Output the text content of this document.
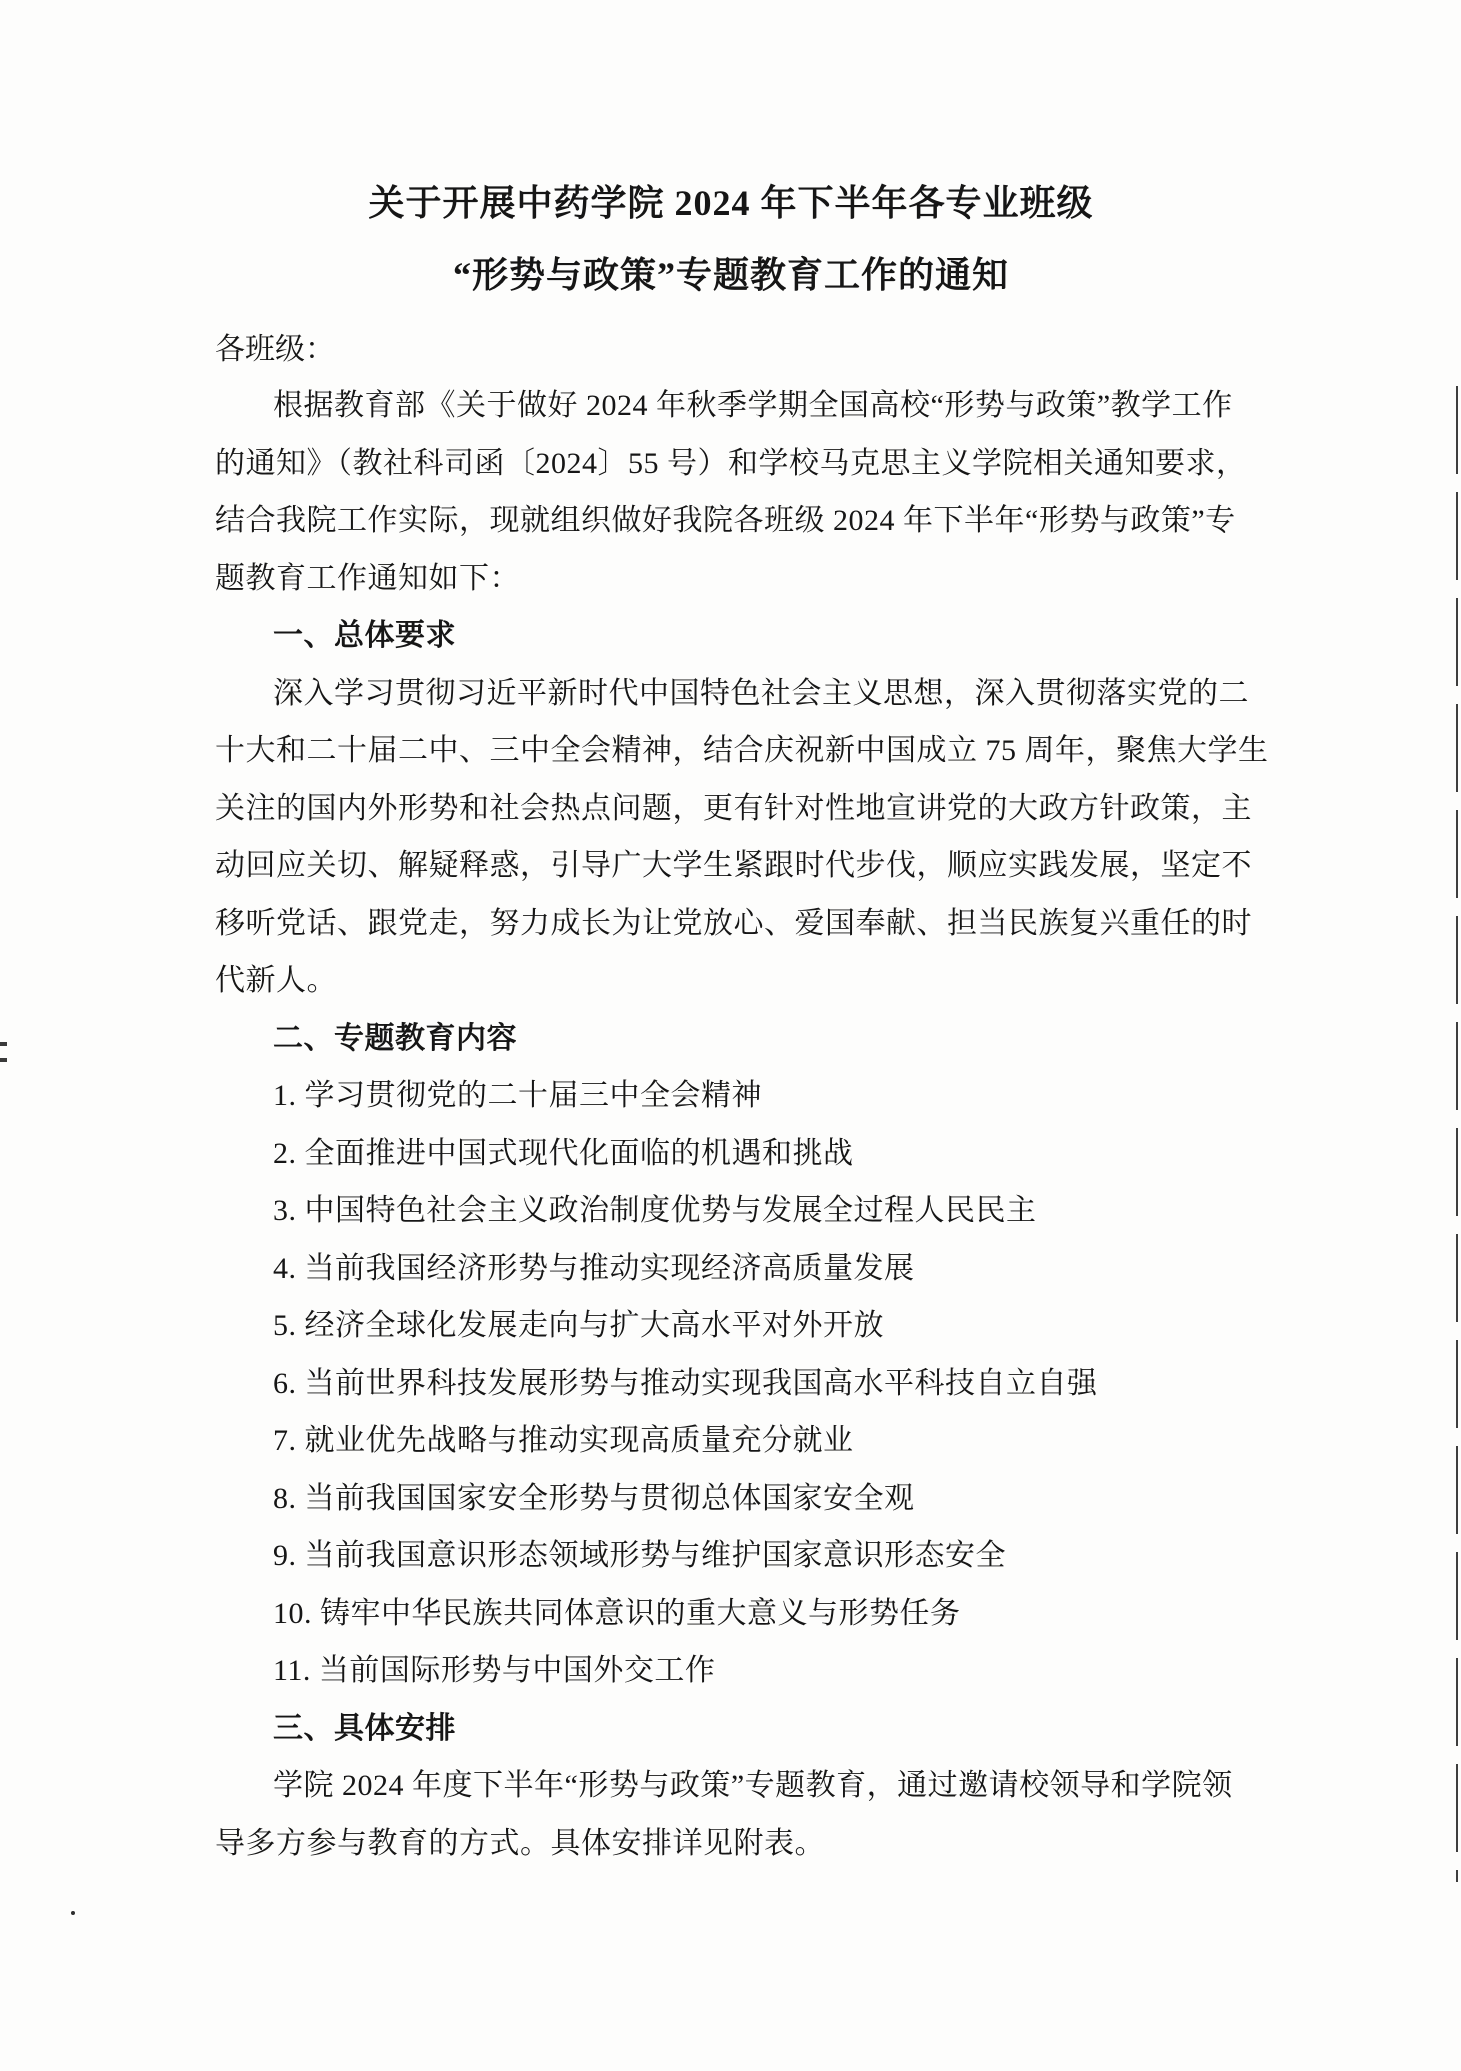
关于开展中药学院 2024 年下半年各专业班级
“形势与政策”专题教育工作的通知
各班级：
根据教育部《关于做好 2024 年秋季学期全国高校“形势与政策”教学工作
的通知》（教社科司函〔2024〕55 号）和学校马克思主义学院相关通知要求，
结合我院工作实际，现就组织做好我院各班级 2024 年下半年“形势与政策”专
题教育工作通知如下：
一、总体要求
深入学习贯彻习近平新时代中国特色社会主义思想，深入贯彻落实党的二
十大和二十届二中、三中全会精神，结合庆祝新中国成立 75 周年，聚焦大学生
关注的国内外形势和社会热点问题，更有针对性地宣讲党的大政方针政策，主
动回应关切、解疑释惑，引导广大学生紧跟时代步伐，顺应实践发展，坚定不
移听党话、跟党走，努力成长为让党放心、爱国奉献、担当民族复兴重任的时
代新人。
二、专题教育内容
1. 学习贯彻党的二十届三中全会精神
2. 全面推进中国式现代化面临的机遇和挑战
3. 中国特色社会主义政治制度优势与发展全过程人民民主
4. 当前我国经济形势与推动实现经济高质量发展
5. 经济全球化发展走向与扩大高水平对外开放
6. 当前世界科技发展形势与推动实现我国高水平科技自立自强
7. 就业优先战略与推动实现高质量充分就业
8. 当前我国国家安全形势与贯彻总体国家安全观
9. 当前我国意识形态领域形势与维护国家意识形态安全
10. 铸牢中华民族共同体意识的重大意义与形势任务
11. 当前国际形势与中国外交工作
三、具体安排
学院 2024 年度下半年“形势与政策”专题教育，通过邀请校领导和学院领
导多方参与教育的方式。具体安排详见附表。
